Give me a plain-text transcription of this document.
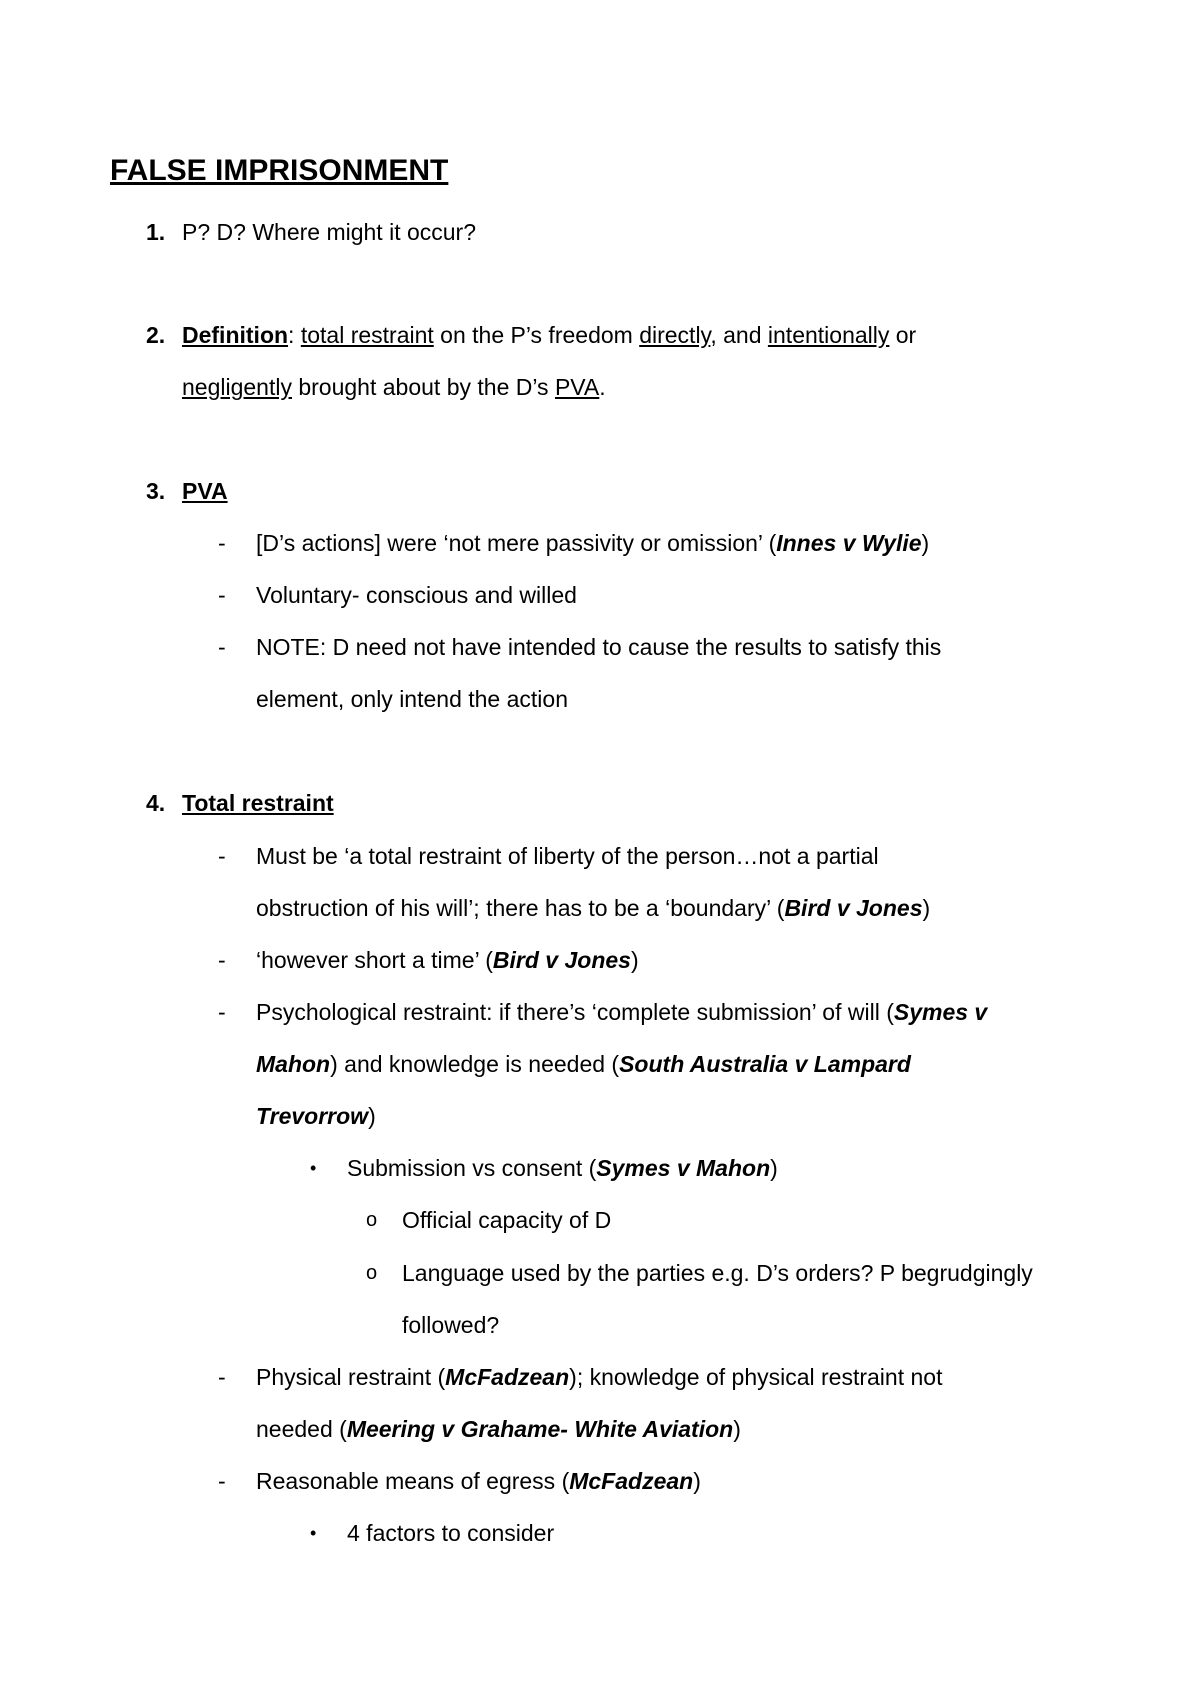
FALSE IMPRISONMENT
1. P? D? Where might it occur?
2. Definition: total restraint on the P’s freedom directly, and intentionally or
negligently brought about by the D’s PVA.
3. PVA
- [D’s actions] were ‘not mere passivity or omission’ (Innes v Wylie)
- Voluntary- conscious and willed
- NOTE: D need not have intended to cause the results to satisfy this
element, only intend the action
4. Total restraint
- Must be ‘a total restraint of liberty of the person…not a partial
obstruction of his will’; there has to be a ‘boundary’ (Bird v Jones)
- ‘however short a time’ (Bird v Jones)
- Psychological restraint: if there’s ‘complete submission’ of will (Symes v
Mahon) and knowledge is needed (South Australia v Lampard
Trevorrow)
• Submission vs consent (Symes v Mahon)
o Official capacity of D
o Language used by the parties e.g. D’s orders? P begrudgingly
followed?
- Physical restraint (McFadzean); knowledge of physical restraint not
needed (Meering v Grahame- White Aviation)
- Reasonable means of egress (McFadzean)
• 4 factors to consider
